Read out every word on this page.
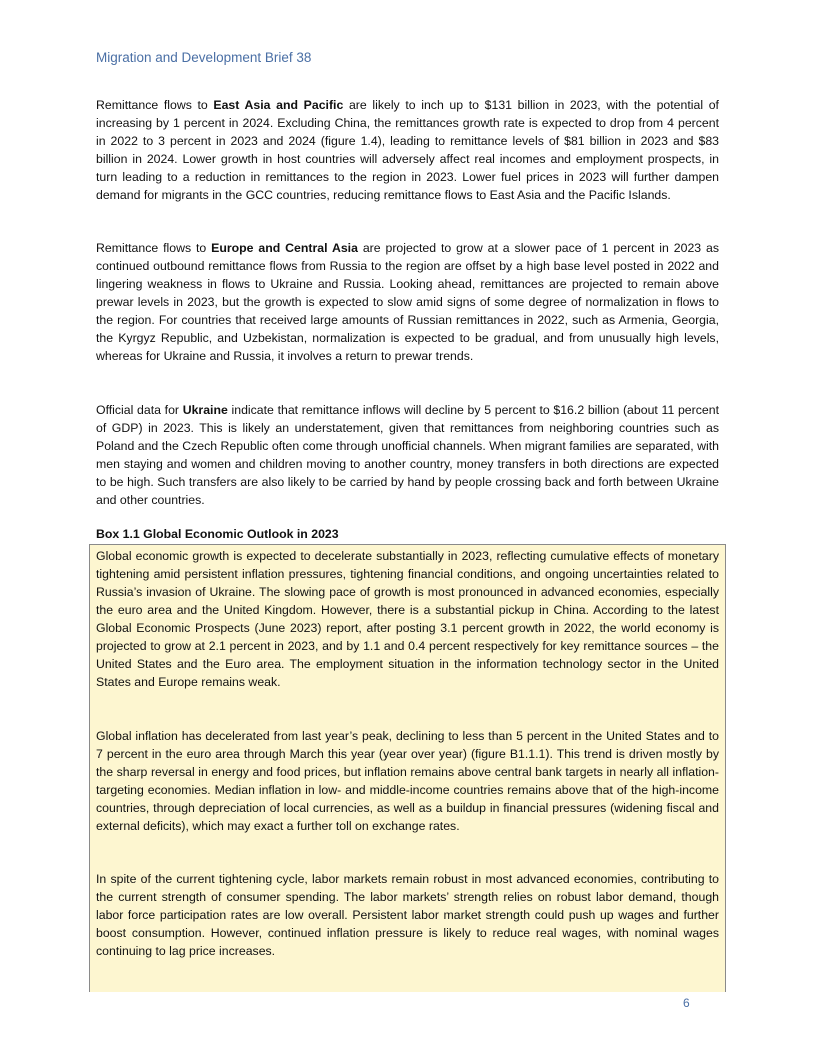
Migration and Development Brief 38

Remittance flows to East Asia and Pacific are likely to inch up to $131 billion in 2023, with the potential of increasing by 1 percent in 2024. Excluding China, the remittances growth rate is expected to drop from 4 percent in 2022 to 3 percent in 2023 and 2024 (figure 1.4), leading to remittance levels of $81 billion in 2023 and $83 billion in 2024. Lower growth in host countries will adversely affect real incomes and employment prospects, in turn leading to a reduction in remittances to the region in 2023. Lower fuel prices in 2023 will further dampen demand for migrants in the GCC countries, reducing remittance flows to East Asia and the Pacific Islands.

Remittance flows to Europe and Central Asia are projected to grow at a slower pace of 1 percent in 2023 as continued outbound remittance flows from Russia to the region are offset by a high base level posted in 2022 and lingering weakness in flows to Ukraine and Russia. Looking ahead, remittances are projected to remain above prewar levels in 2023, but the growth is expected to slow amid signs of some degree of normalization in flows to the region. For countries that received large amounts of Russian remittances in 2022, such as Armenia, Georgia, the Kyrgyz Republic, and Uzbekistan, normalization is expected to be gradual, and from unusually high levels, whereas for Ukraine and Russia, it involves a return to prewar trends.

Official data for Ukraine indicate that remittance inflows will decline by 5 percent to $16.2 billion (about 11 percent of GDP) in 2023. This is likely an understatement, given that remittances from neighboring countries such as Poland and the Czech Republic often come through unofficial channels. When migrant families are separated, with men staying and women and children moving to another country, money transfers in both directions are expected to be high. Such transfers are also likely to be carried by hand by people crossing back and forth between Ukraine and other countries.

Box 1.1 Global Economic Outlook in 2023

Global economic growth is expected to decelerate substantially in 2023, reflecting cumulative effects of monetary tightening amid persistent inflation pressures, tightening financial conditions, and ongoing uncertainties related to Russia’s invasion of Ukraine. The slowing pace of growth is most pronounced in advanced economies, especially the euro area and the United Kingdom. However, there is a substantial pickup in China. According to the latest Global Economic Prospects (June 2023) report, after posting 3.1 percent growth in 2022, the world economy is projected to grow at 2.1 percent in 2023, and by 1.1 and 0.4 percent respectively for key remittance sources – the United States and the Euro area. The employment situation in the information technology sector in the United States and Europe remains weak.

Global inflation has decelerated from last year’s peak, declining to less than 5 percent in the United States and to 7 percent in the euro area through March this year (year over year) (figure B1.1.1). This trend is driven mostly by the sharp reversal in energy and food prices, but inflation remains above central bank targets in nearly all inflation-targeting economies. Median inflation in low- and middle-income countries remains above that of the high-income countries, through depreciation of local currencies, as well as a buildup in financial pressures (widening fiscal and external deficits), which may exact a further toll on exchange rates.

In spite of the current tightening cycle, labor markets remain robust in most advanced economies, contributing to the current strength of consumer spending. The labor markets’ strength relies on robust labor demand, though labor force participation rates are low overall. Persistent labor market strength could push up wages and further boost consumption. However, continued inflation pressure is likely to reduce real wages, with nominal wages continuing to lag price increases.

6
